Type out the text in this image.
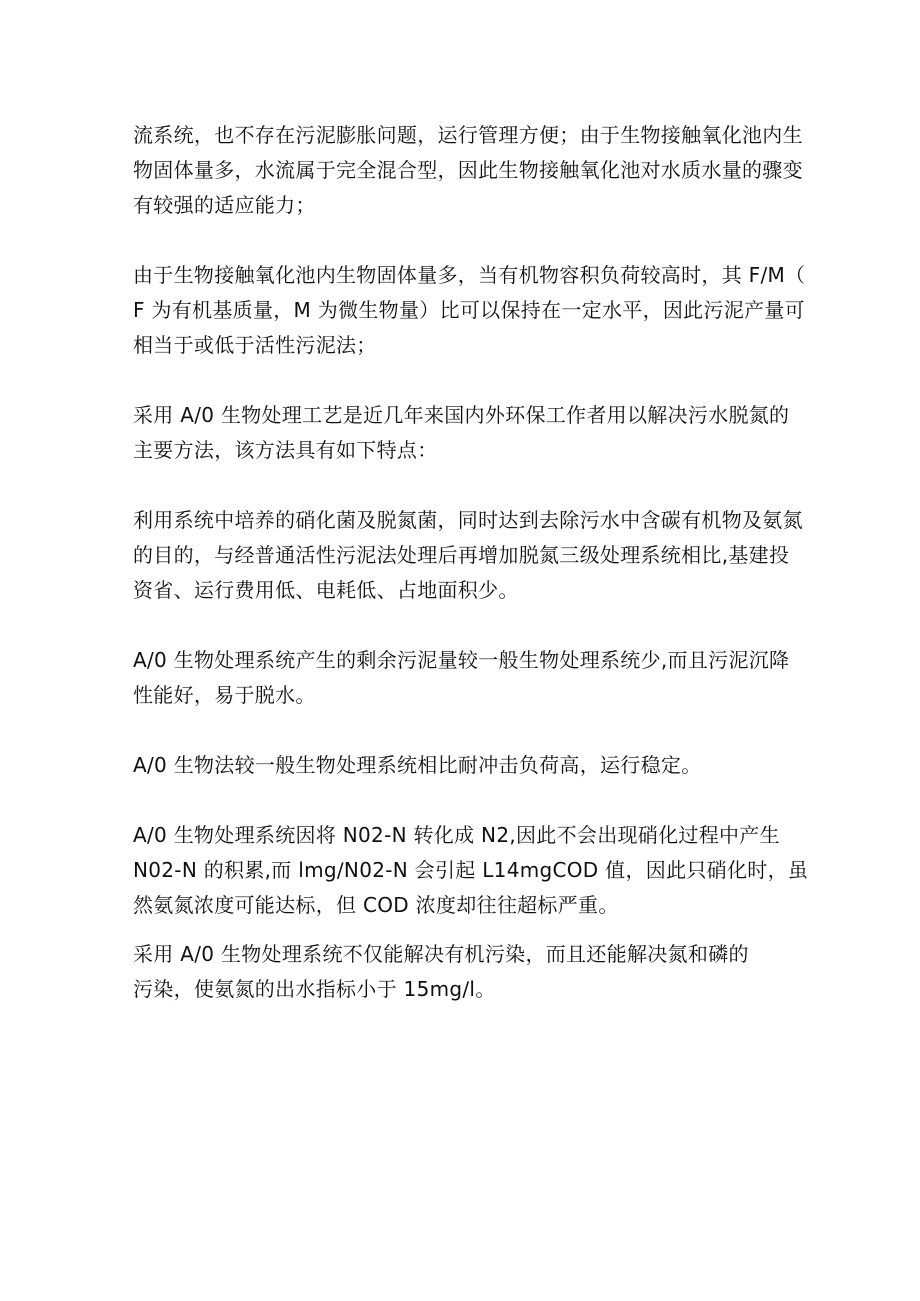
流系统，也不存在污泥膨胀问题，运行管理方便；由于生物接触氧化池内生
物固体量多，水流属于完全混合型，因此生物接触氧化池对水质水量的骤变
有较强的适应能力；

由于生物接触氧化池内生物固体量多，当有机物容积负荷较高时，其 F/M（
F 为有机基质量，M 为微生物量）比可以保持在一定水平，因此污泥产量可
相当于或低于活性污泥法；

采用 A/0 生物处理工艺是近几年来国内外环保工作者用以解决污水脱氮的
主要方法，该方法具有如下特点：

利用系统中培养的硝化菌及脱氮菌，同时达到去除污水中含碳有机物及氨氮
的目的，与经普通活性污泥法处理后再增加脱氮三级处理系统相比,基建投
资省、运行费用低、电耗低、占地面积少。

A/0 生物处理系统产生的剩余污泥量较一般生物处理系统少,而且污泥沉降
性能好，易于脱水。

A/0 生物法较一般生物处理系统相比耐冲击负荷高，运行稳定。

A/0 生物处理系统因将 N02-N 转化成 N2,因此不会出现硝化过程中产生
N02-N 的积累,而 lmg∕N02-N 会引起 L14mgCOD 值，因此只硝化时，虽
然氨氮浓度可能达标，但 COD 浓度却往往超标严重。

采用 A/0 生物处理系统不仅能解决有机污染，而且还能解决氮和磷的
污染，使氨氮的出水指标小于 15mg∕l。
